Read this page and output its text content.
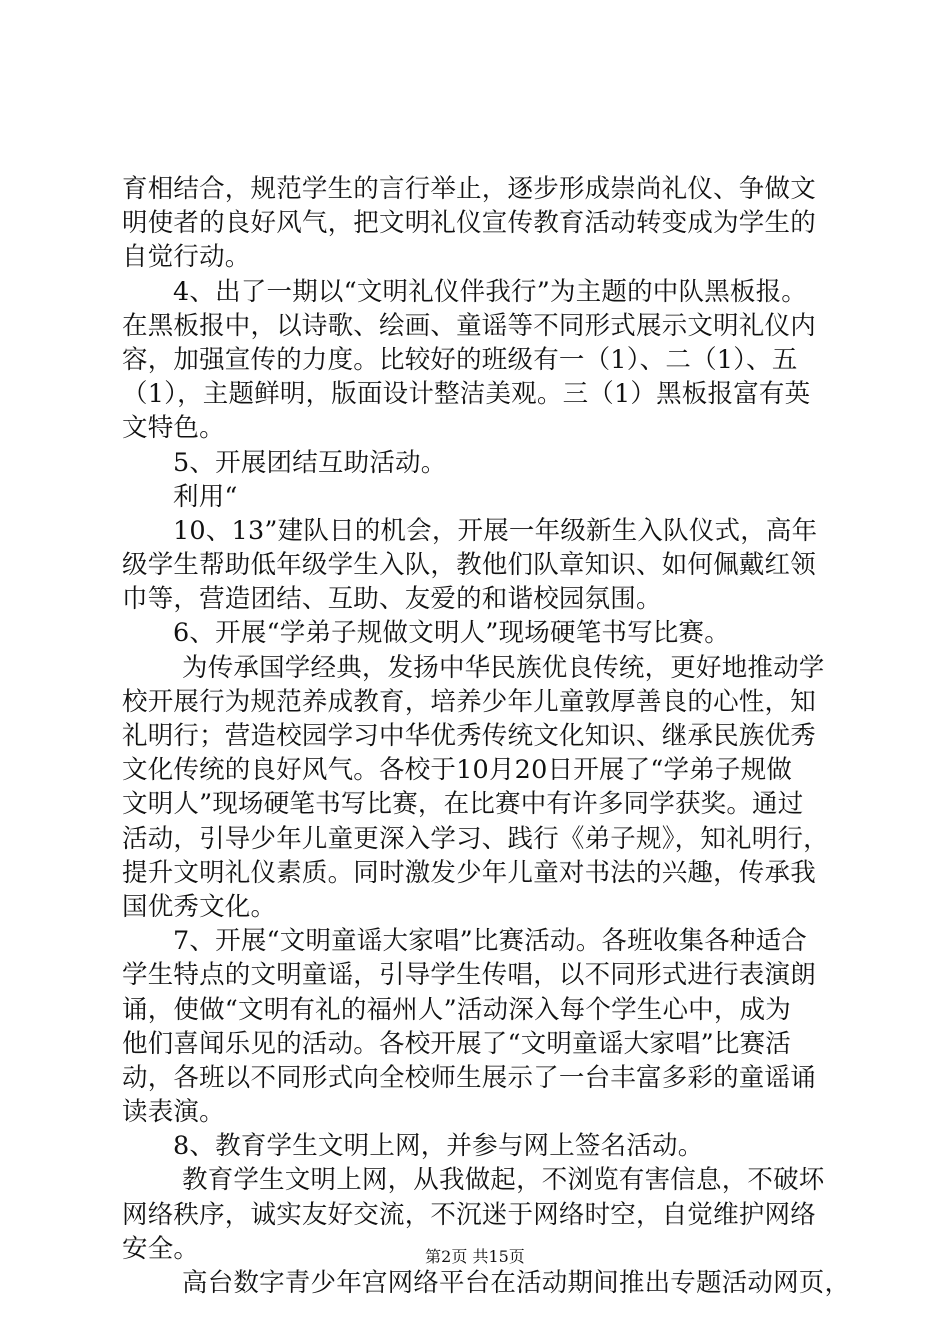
育相结合，规范学生的言行举止，逐步形成崇尚礼仪、争做文
明使者的良好风气，把文明礼仪宣传教育活动转变成为学生的
自觉行动。
4、出了一期以“文明礼仪伴我行”为主题的中队黑板报。
在黑板报中，以诗歌、绘画、童谣等不同形式展示文明礼仪内
容，加强宣传的力度。比较好的班级有一（1）、二（1）、五
（1），主题鲜明，版面设计整洁美观。三（1）黑板报富有英
文特色。
5、开展团结互助活动。
利用“
10、13”建队日的机会，开展一年级新生入队仪式，高年
级学生帮助低年级学生入队，教他们队章知识、如何佩戴红领
巾等，营造团结、互助、友爱的和谐校园氛围。
6、开展“学弟子规做文明人”现场硬笔书写比赛。
为传承国学经典，发扬中华民族优良传统，更好地推动学
校开展行为规范养成教育，培养少年儿童敦厚善良的心性，知
礼明行；营造校园学习中华优秀传统文化知识、继承民族优秀
文化传统的良好风气。各校于10月20日开展了“学弟子规做
文明人”现场硬笔书写比赛，在比赛中有许多同学获奖。通过
活动，引导少年儿童更深入学习、践行《弟子规》，知礼明行，
提升文明礼仪素质。同时激发少年儿童对书法的兴趣，传承我
国优秀文化。
7、开展“文明童谣大家唱”比赛活动。各班收集各种适合
学生特点的文明童谣，引导学生传唱，以不同形式进行表演朗
诵，使做“文明有礼的福州人”活动深入每个学生心中，成为
他们喜闻乐见的活动。各校开展了“文明童谣大家唱”比赛活
动，各班以不同形式向全校师生展示了一台丰富多彩的童谣诵
读表演。
8、教育学生文明上网，并参与网上签名活动。
教育学生文明上网，从我做起，不浏览有害信息，不破坏
网络秩序，诚实友好交流，不沉迷于网络时空，自觉维护网络
安全。
高台数字青少年宫网络平台在活动期间推出专题活动网页，
第2页 共15页
